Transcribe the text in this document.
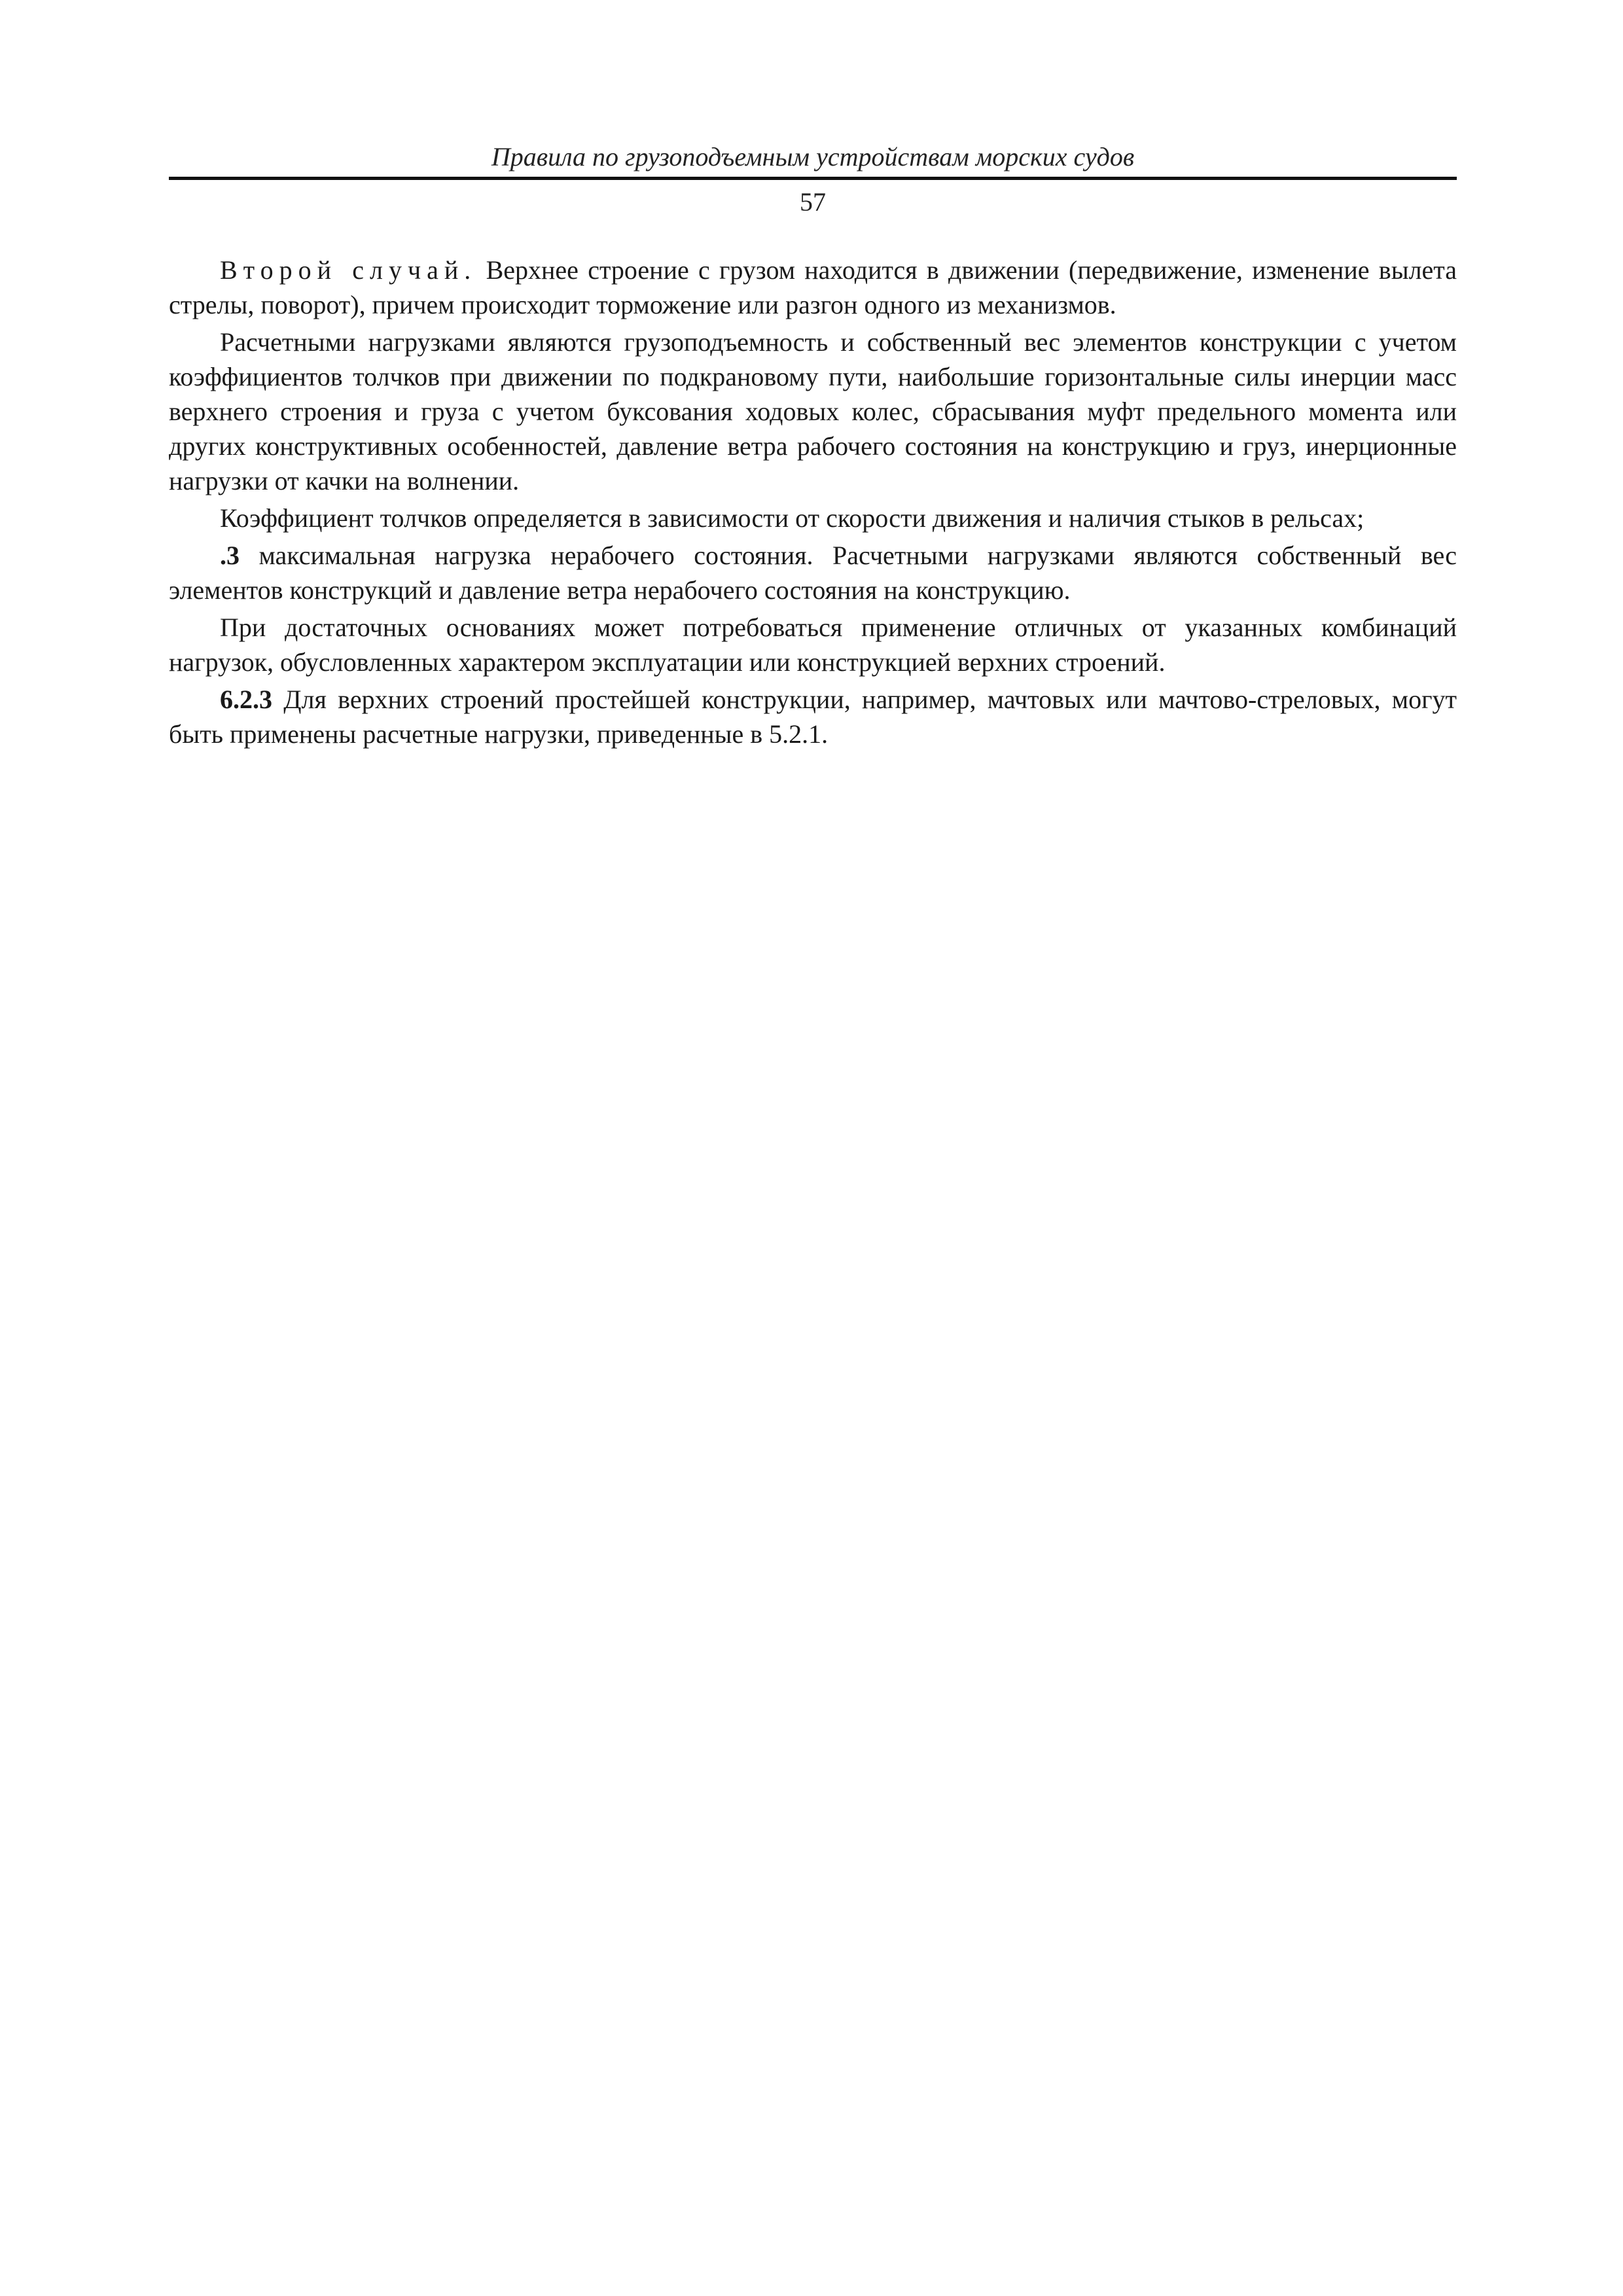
Правила по грузоподъемным устройствам морских судов
57

Второй случай. Верхнее строение с грузом находится в движении (передвижение, изменение вылета стрелы, поворот), причем происходит торможение или разгон одного из механизмов.

Расчетными нагрузками являются грузоподъемность и собственный вес элементов конструкции с учетом коэффициентов толчков при движении по подкрановому пути, наибольшие горизонтальные силы инерции масс верхнего строения и груза с учетом буксования ходовых колес, сбрасывания муфт предельного момента или других конструктивных особенностей, давление ветра рабочего состояния на конструкцию и груз, инерционные нагрузки от качки на волнении.

Коэффициент толчков определяется в зависимости от скорости движения и наличия стыков в рельсах;

.3 максимальная нагрузка нерабочего состояния. Расчетными нагрузками являются собственный вес элементов конструкций и давление ветра нерабочего состояния на конструкцию.

При достаточных основаниях может потребоваться применение отличных от указанных комбинаций нагрузок, обусловленных характером эксплуатации или конструкцией верхних строений.

6.2.3 Для верхних строений простейшей конструкции, например, мачтовых или мачтово-стреловых, могут быть применены расчетные нагрузки, приведенные в 5.2.1.
